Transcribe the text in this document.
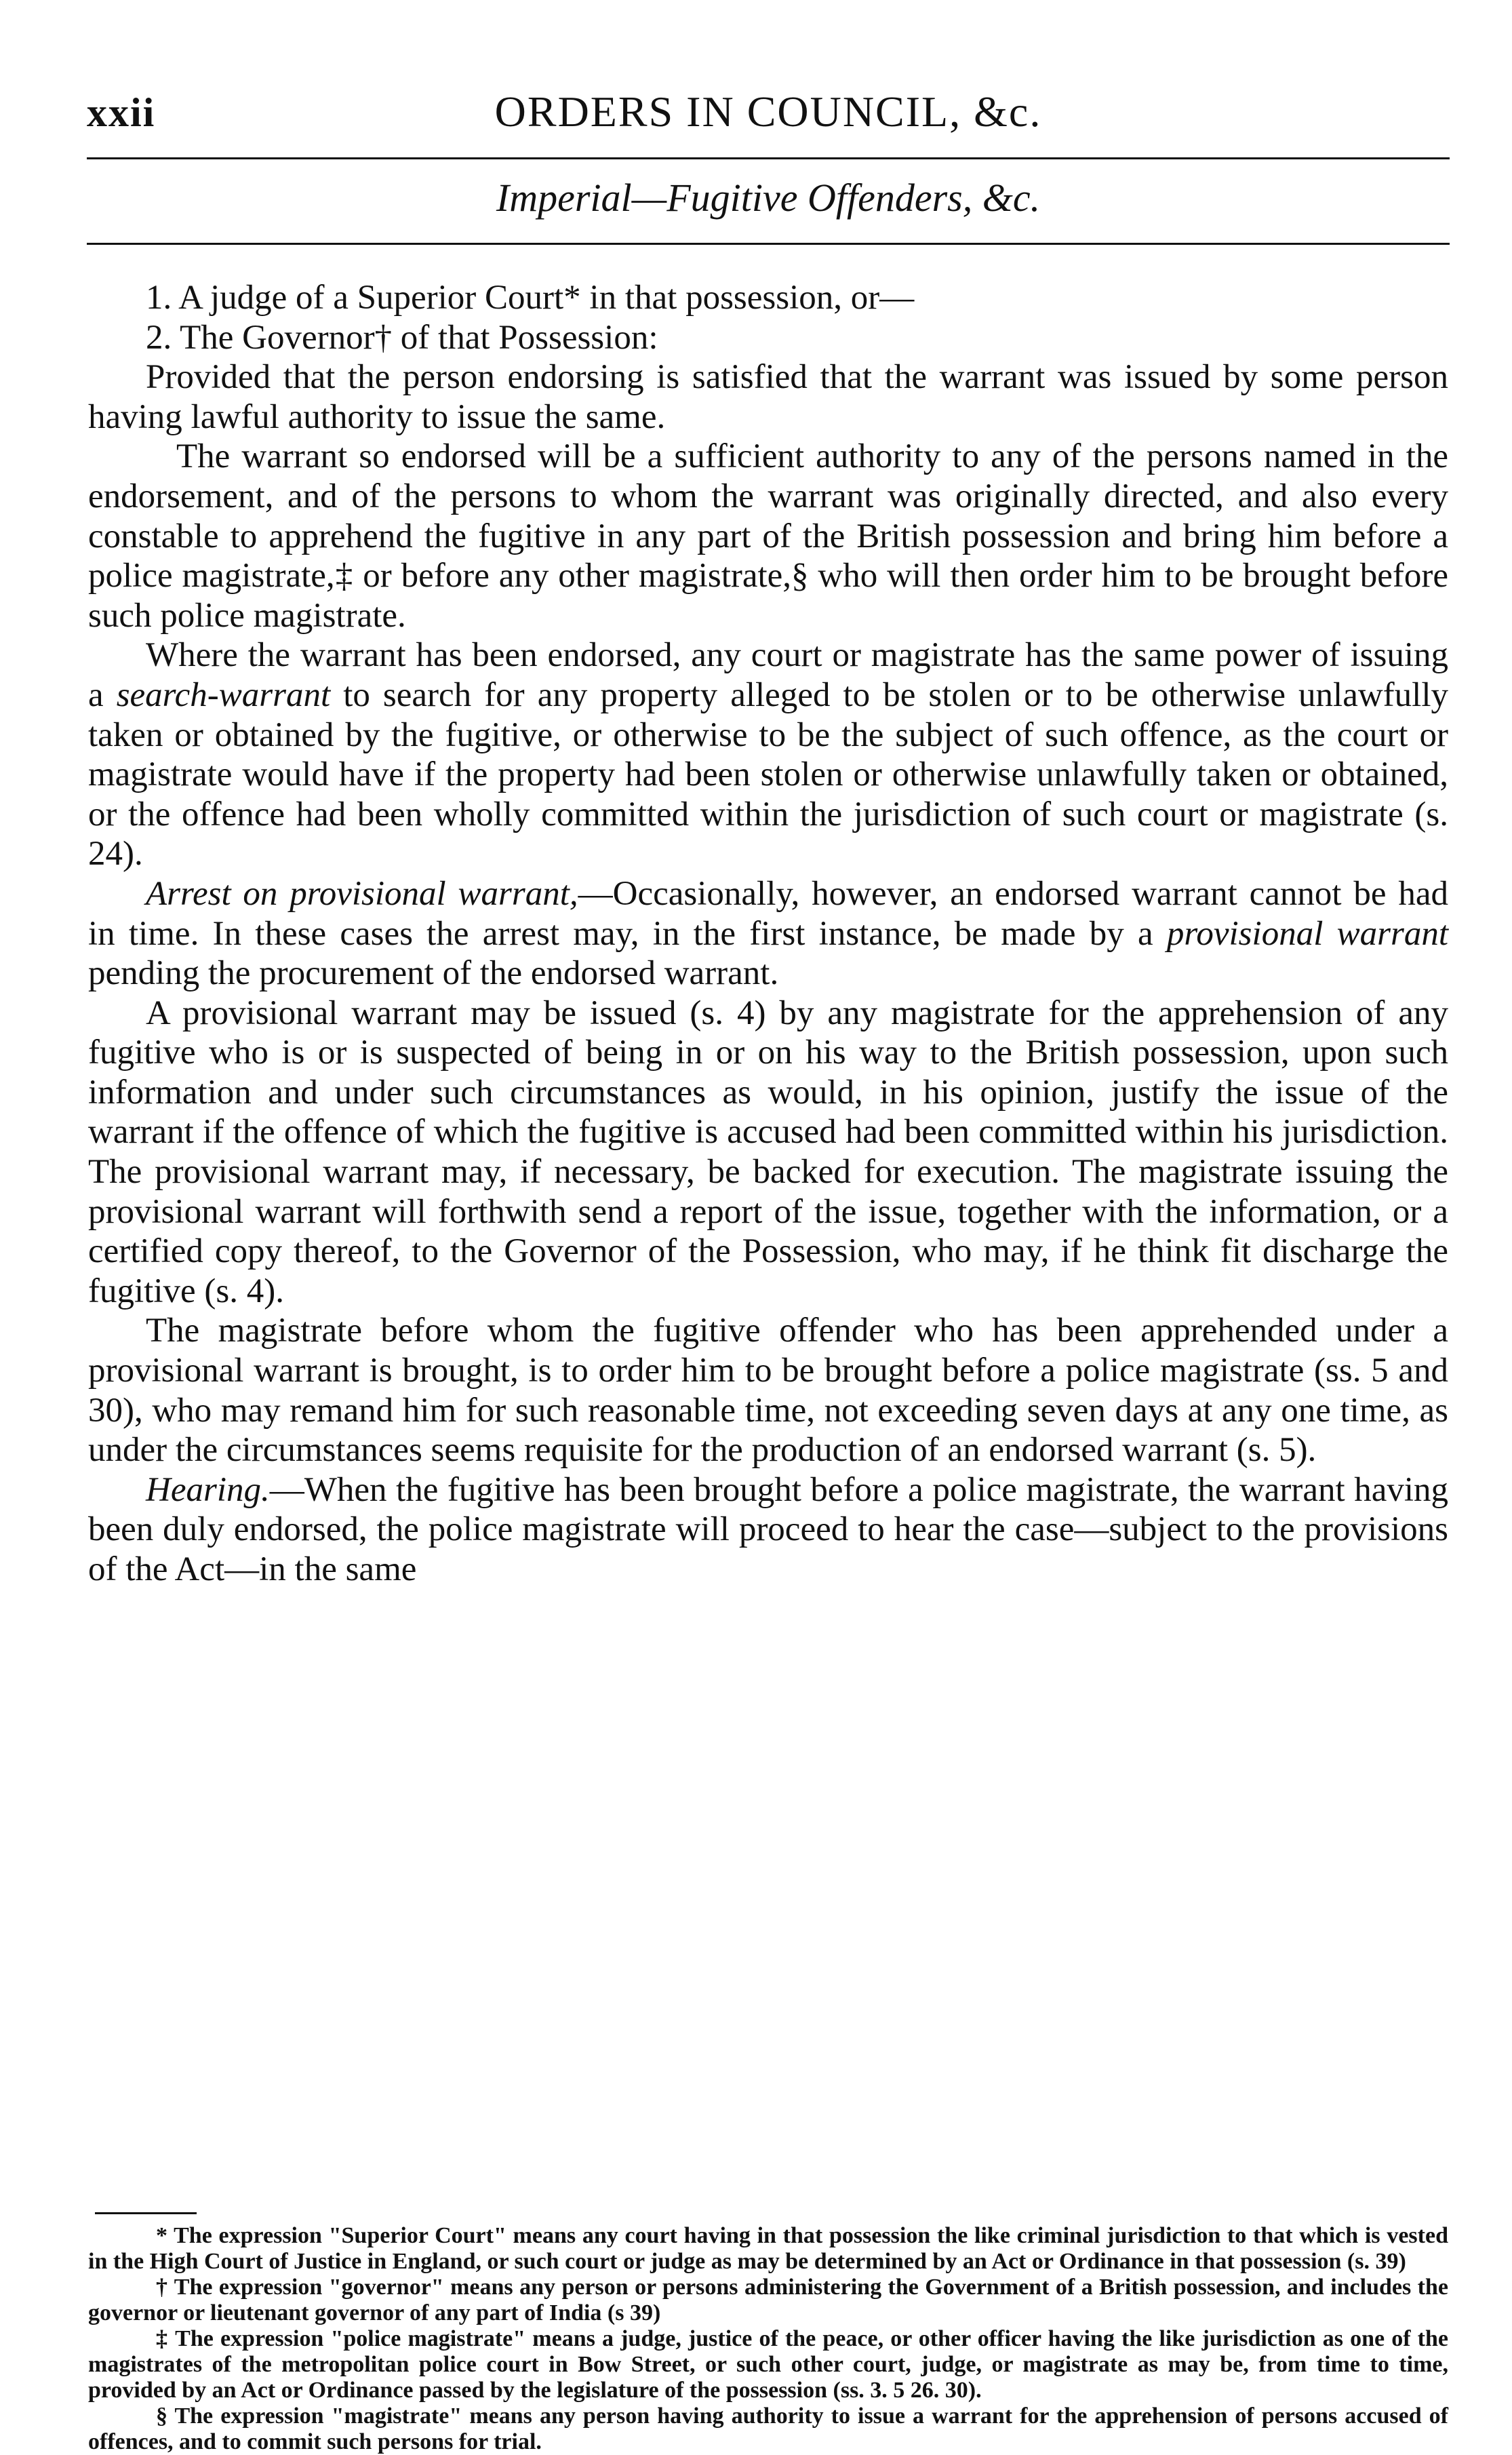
xxii	ORDERS IN COUNCIL, &c.
Imperial—Fugitive Offenders, &c.

1. A judge of a Superior Court* in that possession, or—

2. The Governor† of that Possession:

Provided that the person endorsing is satisfied that the warrant was issued by some person having lawful authority to issue the same.

The warrant so endorsed will be a sufficient authority to any of the persons named in the endorsement, and of the persons to whom the warrant was originally directed, and also every constable to apprehend the fugitive in any part of the British possession and bring him before a police magistrate,‡ or before any other magistrate,§ who will then order him to be brought before such police magistrate.

Where the warrant has been endorsed, any court or magistrate has the same power of issuing a search-warrant to search for any property alleged to be stolen or to be otherwise unlawfully taken or obtained by the fugitive, or otherwise to be the subject of such offence, as the court or magistrate would have if the property had been stolen or otherwise unlawfully taken or obtained, or the offence had been wholly committed within the jurisdiction of such court or magistrate (s. 24).

Arrest on provisional warrant,—Occasionally, however, an endorsed warrant cannot be had in time. In these cases the arrest may, in the first instance, be made by a provisional warrant pending the procurement of the endorsed warrant.

A provisional warrant may be issued (s. 4) by any magistrate for the apprehension of any fugitive who is or is suspected of being in or on his way to the British possession, upon such information and under such circumstances as would, in his opinion, justify the issue of the warrant if the offence of which the fugitive is accused had been committed within his jurisdiction. The provisional warrant may, if necessary, be backed for execution. The magistrate issuing the provisional warrant will forthwith send a report of the issue, together with the information, or a certified copy thereof, to the Governor of the Possession, who may, if he think fit discharge the fugitive (s. 4).

The magistrate before whom the fugitive offender who has been apprehended under a provisional warrant is brought, is to order him to be brought before a police magistrate (ss. 5 and 30), who may remand him for such reasonable time, not exceeding seven days at any one time, as under the circumstances seems requisite for the production of an endorsed warrant (s. 5).

Hearing.—When the fugitive has been brought before a police magistrate, the warrant having been duly endorsed, the police magistrate will proceed to hear the case—subject to the provisions of the Act—in the same

* The expression "Superior Court" means any court having in that possession the like criminal jurisdiction to that which is vested in the High Court of Justice in England, or such court or judge as may be determined by an Act or Ordinance in that possession (s. 39)

† The expression "governor" means any person or persons administering the Government of a British possession, and includes the governor or lieutenant governor of any part of India (s 39)

‡ The expression "police magistrate" means a judge, justice of the peace, or other officer having the like jurisdiction as one of the magistrates of the metropolitan police court in Bow Street, or such other court, judge, or magistrate as may be, from time to time, provided by an Act or Ordinance passed by the legislature of the possession (ss. 3. 5 26. 30).

§ The expression "magistrate" means any person having authority to issue a warrant for the apprehension of persons accused of offences, and to commit such persons for trial.
